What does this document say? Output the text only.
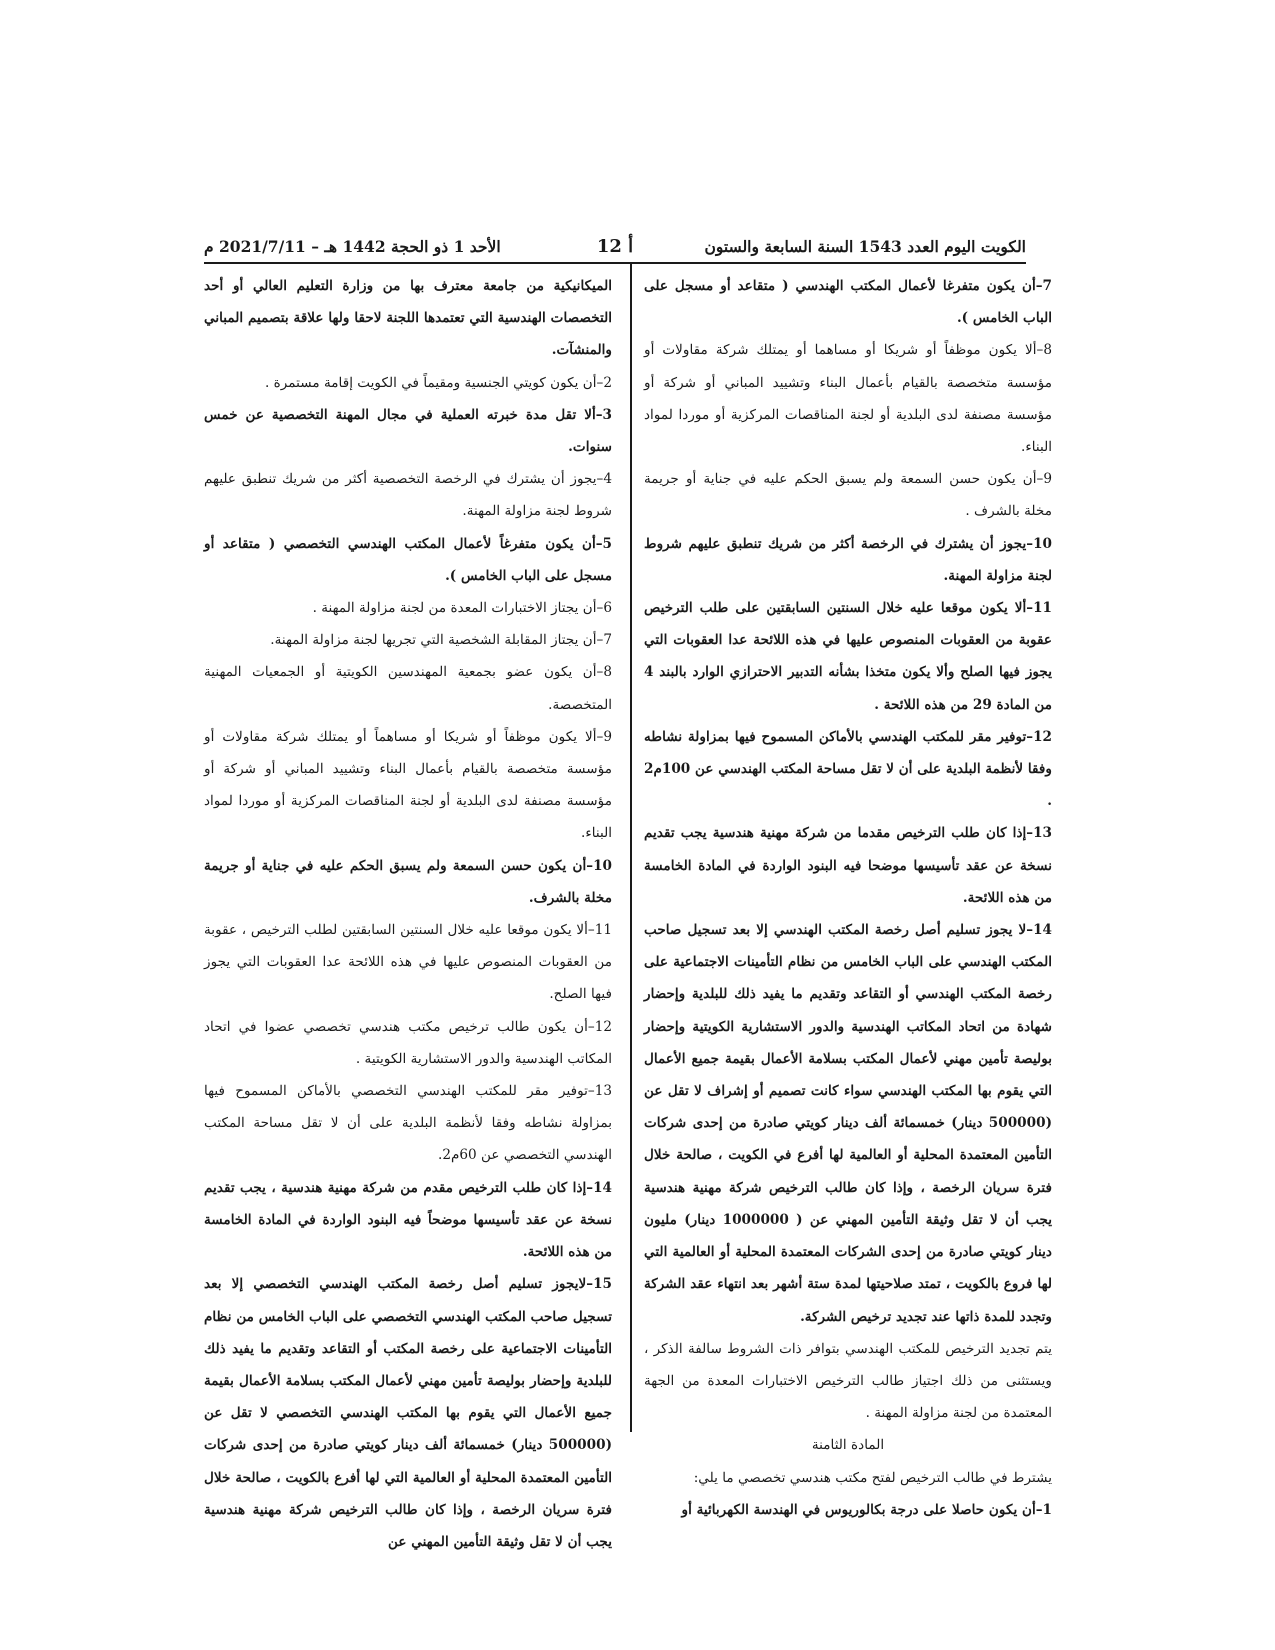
الكويت اليوم العدد 1543 السنة السابعة والستون
أ 12
الأحد 1 ذو الحجة 1442 هـ – 2021/7/11 م

7–أن يكون متفرغا لأعمال المكتب الهندسي ( متقاعد أو مسجل على الباب الخامس ).

8–ألا يكون موظفاً أو شريكا أو مساهما أو يمتلك شركة مقاولات أو مؤسسة متخصصة بالقيام بأعمال البناء وتشييد المباني أو شركة أو مؤسسة مصنفة لدى البلدية أو لجنة المناقصات المركزية أو موردا لمواد البناء.

9–أن يكون حسن السمعة ولم يسبق الحكم عليه في جناية أو جريمة مخلة بالشرف .

10–يجوز أن يشترك في الرخصة أكثر من شريك تنطبق عليهم شروط لجنة مزاولة المهنة.

11–ألا يكون موقعا عليه خلال السنتين السابقتين على طلب الترخيص عقوبة من العقوبات المنصوص عليها في هذه اللائحة عدا العقوبات التي يجوز فيها الصلح وألا يكون متخذا بشأنه التدبير الاحترازي الوارد بالبند 4 من المادة 29 من هذه اللائحة .

12–توفير مقر للمكتب الهندسي بالأماكن المسموح فيها بمزاولة نشاطه وفقا لأنظمة البلدية على أن لا تقل مساحة المكتب الهندسي عن 100م2 .

13–إذا كان طلب الترخيص مقدما من شركة مهنية هندسية يجب تقديم نسخة عن عقد تأسيسها موضحا فيه البنود الواردة في المادة الخامسة من هذه اللائحة.

14–لا يجوز تسليم أصل رخصة المكتب الهندسي إلا بعد تسجيل صاحب المكتب الهندسي على الباب الخامس من نظام التأمينات الاجتماعية على رخصة المكتب الهندسي أو التقاعد وتقديم ما يفيد ذلك للبلدية وإحضار شهادة من اتحاد المكاتب الهندسية والدور الاستشارية الكويتية وإحضار بوليصة تأمين مهني لأعمال المكتب بسلامة الأعمال بقيمة جميع الأعمال التي يقوم بها المكتب الهندسي سواء كانت تصميم أو إشراف لا تقل عن (500000 دينار) خمسمائة ألف دينار كويتي صادرة من إحدى شركات التأمين المعتمدة المحلية أو العالمية لها أفرع في الكويت ، صالحة خلال فترة سريان الرخصة ، وإذا كان طالب الترخيص شركة مهنية هندسية يجب أن لا تقل وثيقة التأمين المهني عن ( 1000000 دينار) مليون دينار كويتي صادرة من إحدى الشركات المعتمدة المحلية أو العالمية التي لها فروع بالكويت ، تمتد صلاحيتها لمدة ستة أشهر بعد انتهاء عقد الشركة وتجدد للمدة ذاتها عند تجديد ترخيص الشركة.

يتم تجديد الترخيص للمكتب الهندسي بتوافر ذات الشروط سالفة الذكر ، ويستثنى من ذلك اجتياز طالب الترخيص الاختبارات المعدة من الجهة المعتمدة من لجنة مزاولة المهنة .

المادة الثامنة

يشترط في طالب الترخيص لفتح مكتب هندسي تخصصي ما يلي:

1–أن يكون حاصلا على درجة بكالوريوس في الهندسة الكهربائية أو

الميكانيكية من جامعة معترف بها من وزارة التعليم العالي أو أحد التخصصات الهندسية التي تعتمدها اللجنة لاحقا ولها علاقة بتصميم المباني والمنشآت.

2–أن يكون كويتي الجنسية ومقيماً في الكويت إقامة مستمرة .

3–ألا تقل مدة خبرته العملية في مجال المهنة التخصصية عن خمس سنوات.

4–يجوز أن يشترك في الرخصة التخصصية أكثر من شريك تنطبق عليهم شروط لجنة مزاولة المهنة.

5–أن يكون متفرغاً لأعمال المكتب الهندسي التخصصي ( متقاعد أو مسجل على الباب الخامس ).

6–أن يجتاز الاختبارات المعدة من لجنة مزاولة المهنة .

7–أن يجتاز المقابلة الشخصية التي تجريها لجنة مزاولة المهنة.

8–أن يكون عضو بجمعية المهندسين الكويتية أو الجمعيات المهنية المتخصصة.

9–ألا يكون موظفاً أو شريكا أو مساهماً أو يمتلك شركة مقاولات أو مؤسسة متخصصة بالقيام بأعمال البناء وتشييد المباني أو شركة أو مؤسسة مصنفة لدى البلدية أو لجنة المناقصات المركزية أو موردا لمواد البناء.

10–أن يكون حسن السمعة ولم يسبق الحكم عليه في جناية أو جريمة مخلة بالشرف.

11–ألا يكون موقعا عليه خلال السنتين السابقتين لطلب الترخيص ، عقوبة من العقوبات المنصوص عليها في هذه اللائحة عدا العقوبات التي يجوز فيها الصلح.

12–أن يكون طالب ترخيص مكتب هندسي تخصصي عضوا في اتحاد المكاتب الهندسية والدور الاستشارية الكويتية .

13–توفير مقر للمكتب الهندسي التخصصي بالأماكن المسموح فيها بمزاولة نشاطه وفقا لأنظمة البلدية على أن لا تقل مساحة المكتب الهندسي التخصصي عن 60م2.

14–إذا كان طلب الترخيص مقدم من شركة مهنية هندسية ، يجب تقديم نسخة عن عقد تأسيسها موضحاً فيه البنود الواردة في المادة الخامسة من هذه اللائحة.

15–لايجوز تسليم أصل رخصة المكتب الهندسي التخصصي إلا بعد تسجيل صاحب المكتب الهندسي التخصصي على الباب الخامس من نظام التأمينات الاجتماعية على رخصة المكتب أو التقاعد وتقديم ما يفيد ذلك للبلدية وإحضار بوليصة تأمين مهني لأعمال المكتب بسلامة الأعمال بقيمة جميع الأعمال التي يقوم بها المكتب الهندسي التخصصي لا تقل عن (500000 دينار) خمسمائة ألف دينار كويتي صادرة من إحدى شركات التأمين المعتمدة المحلية أو العالمية التي لها أفرع بالكويت ، صالحة خلال فترة سريان الرخصة ، وإذا كان طالب الترخيص شركة مهنية هندسية يجب أن لا تقل وثيقة التأمين المهني عن
